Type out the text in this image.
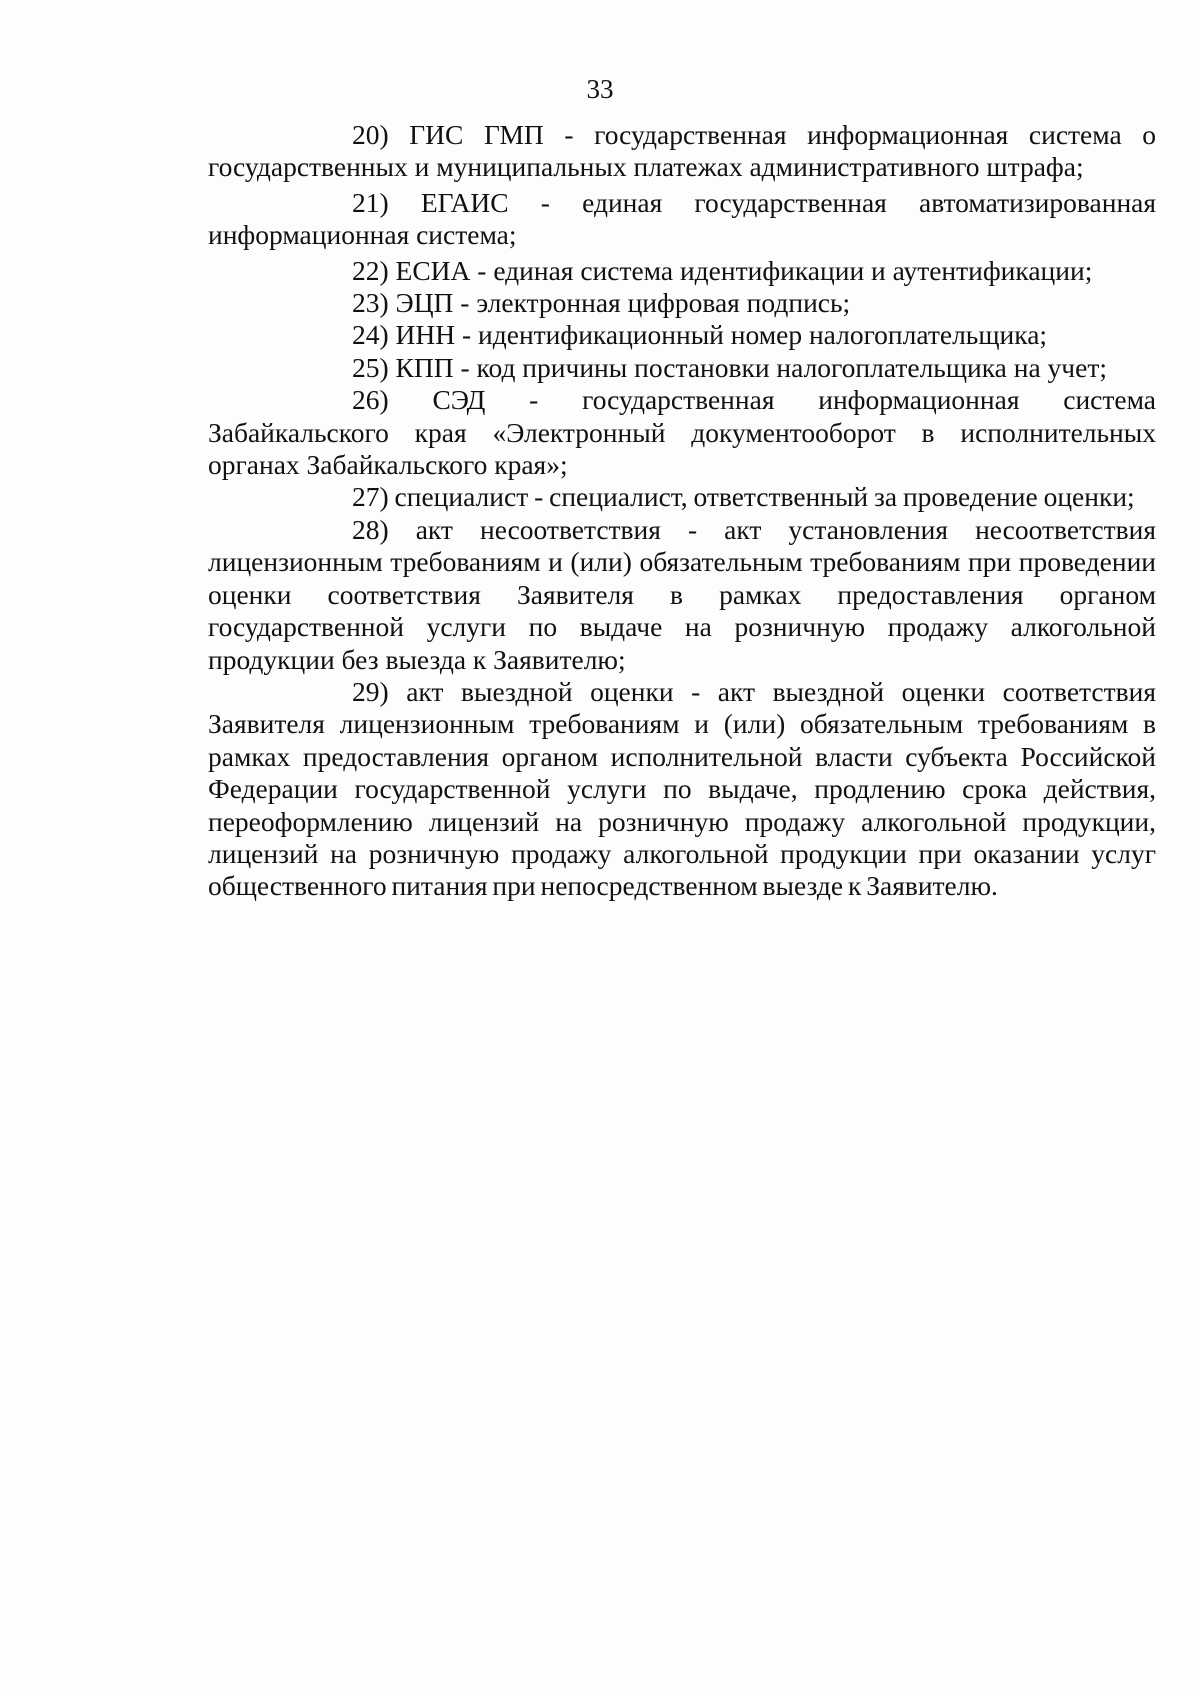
33

20) ГИС ГМП - государственная информационная система о государственных и муниципальных платежах административного штрафа;

21) ЕГАИС - единая государственная автоматизированная информационная система;

22) ЕСИА - единая система идентификации и аутентификации;

23) ЭЦП - электронная цифровая подпись;

24) ИНН - идентификационный номер налогоплательщика;

25) КПП - код причины постановки налогоплательщика на учет;

26) СЭД - государственная информационная система Забайкальского края «Электронный документооборот в исполнительных органах Забайкальского края»;

27) специалист - специалист, ответственный за проведение оценки;

28) акт несоответствия - акт установления несоответствия лицензионным требованиям и (или) обязательным требованиям при проведении оценки соответствия Заявителя в рамках предоставления органом государственной услуги по выдаче на розничную продажу алкогольной продукции без выезда к Заявителю;

29) акт выездной оценки - акт выездной оценки соответствия Заявителя лицензионным требованиям и (или) обязательным требованиям в рамках предоставления органом исполнительной власти субъекта Российской Федерации государственной услуги по выдаче, продлению срока действия, переоформлению лицензий на розничную продажу алкогольной продукции, лицензий на розничную продажу алкогольной продукции при оказании услуг общественного питания при непосредственном выезде к Заявителю.
